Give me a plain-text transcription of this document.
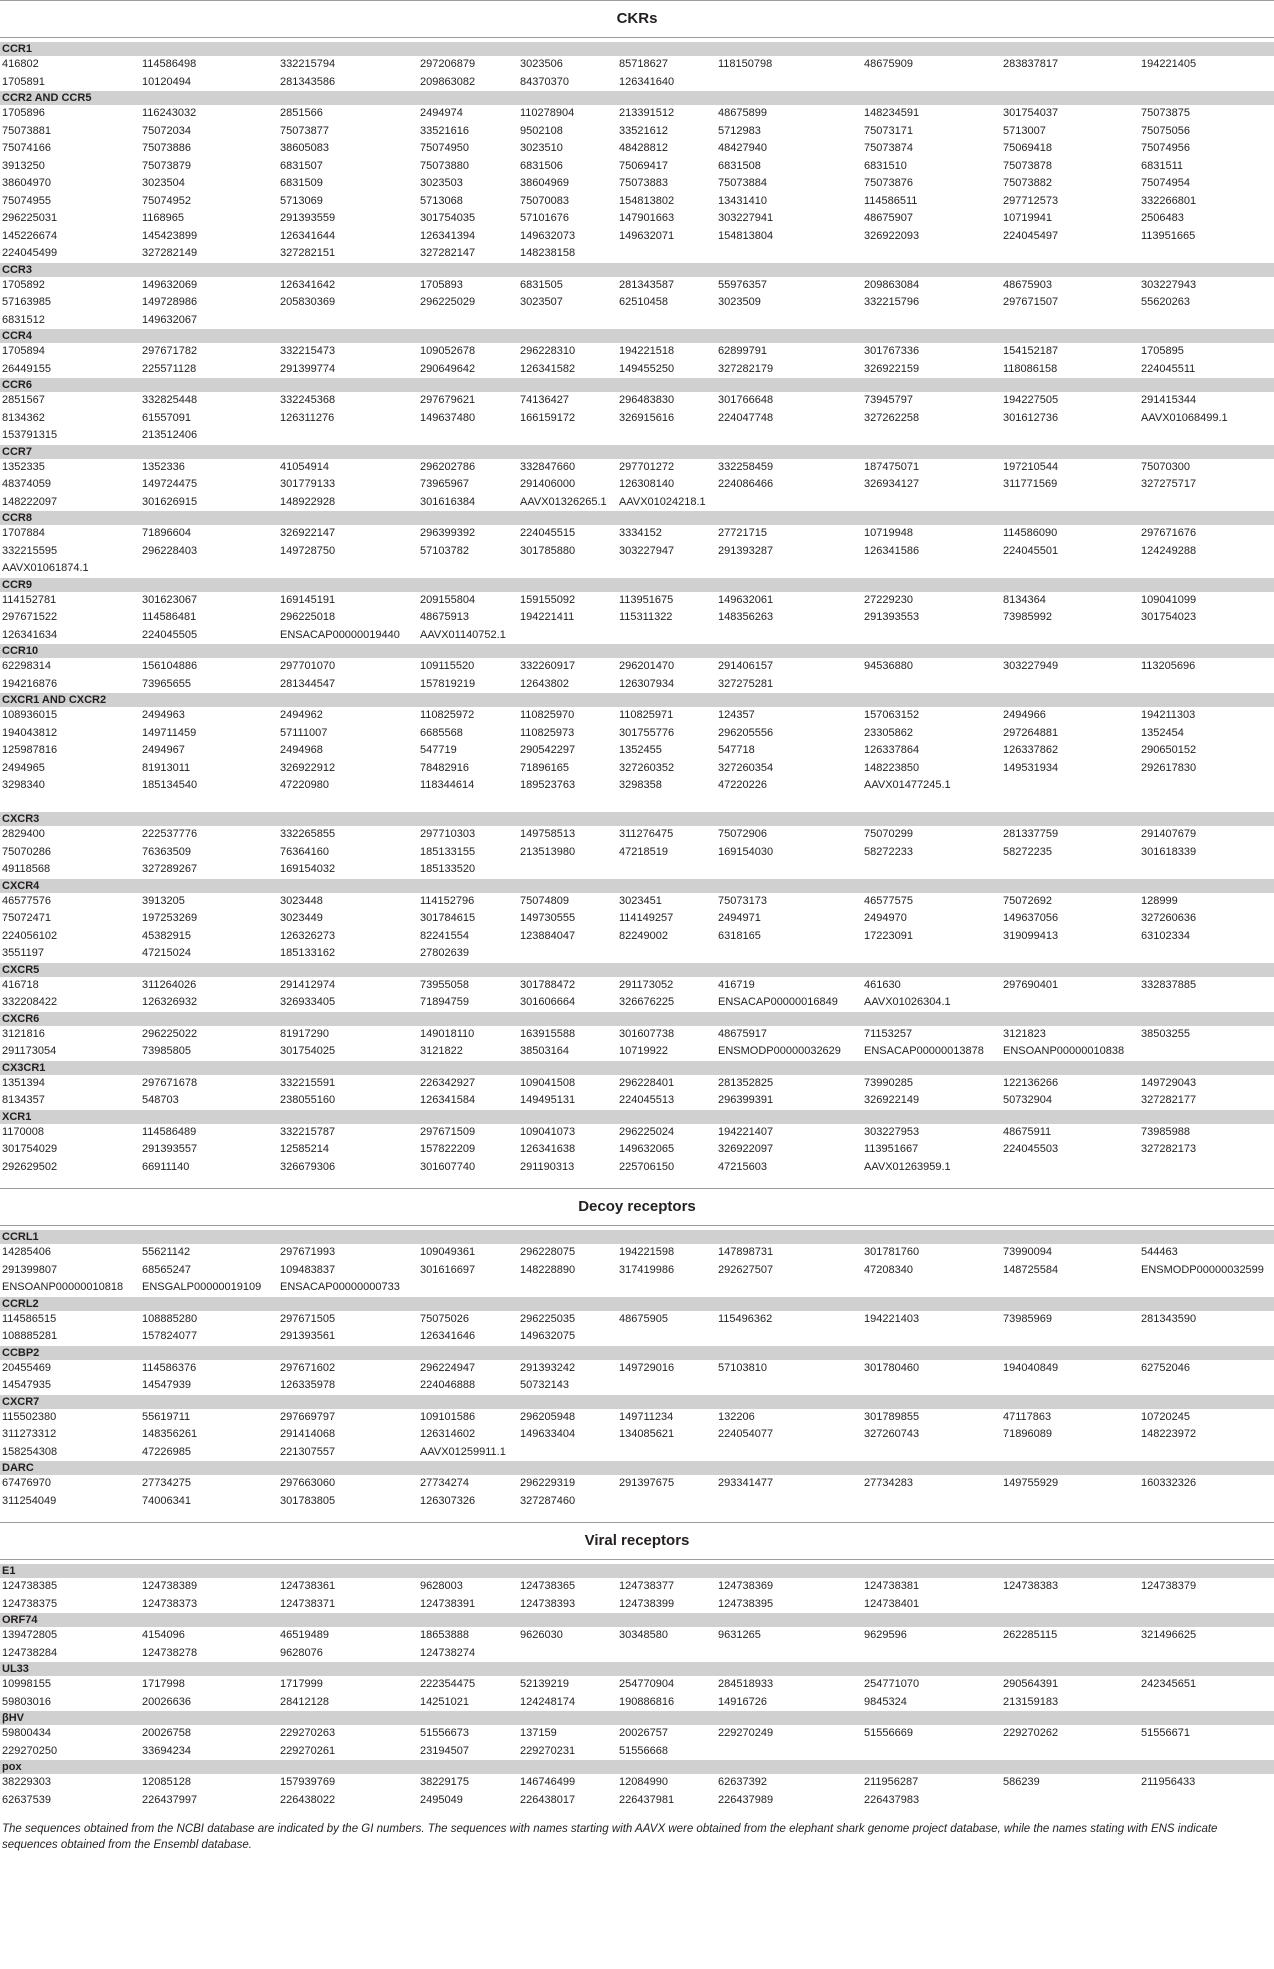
CKRs
CCR1
416802	114586498	332215794	297206879	3023506	85718627	118150798	48675909	283837817	194221405
1705891	10120494	281343586	209863082	84370370	126341640
CCR2 AND CCR5
1705896	116243032	2851566	2494974	110278904	213391512	48675899	148234591	301754037	75073875
75073881	75072034	75073877	33521616	9502108	33521612	5712983	75073171	5713007	75075056
75074166	75073886	38605083	75074950	3023510	48428812	48427940	75073874	75069418	75074956
3913250	75073879	6831507	75073880	6831506	75069417	6831508	6831510	75073878	6831511
38604970	3023504	6831509	3023503	38604969	75073883	75073884	75073876	75073882	75074954
75074955	75074952	5713069	5713068	75070083	154813802	13431410	114586511	297712573	332266801
296225031	1168965	291393559	301754035	57101676	147901663	303227941	48675907	10719941	2506483
145226674	145423899	126341644	126341394	149632073	149632071	154813804	326922093	224045497	113951665
224045499	327282149	327282151	327282147	148238158
CCR3
1705892	149632069	126341642	1705893	6831505	281343587	55976357	209863084	48675903	303227943
57163985	149728986	205830369	296225029	3023507	62510458	3023509	332215796	297671507	55620263
6831512	149632067
CCR4
1705894	297671782	332215473	109052678	296228310	194221518	62899791	301767336	154152187	1705895
26449155	225571128	291399774	290649642	126341582	149455250	327282179	326922159	118086158	224045511
CCR6
2851567	332825448	332245368	297679621	74136427	296483830	301766648	73945797	194227505	291415344
8134362	61557091	126311276	149637480	166159172	326915616	224047748	327262258	301612736	AAVX01068499.1
153791315	213512406
CCR7
1352335	1352336	41054914	296202786	332847660	297701272	332258459	187475071	197210544	75070300
48374059	149724475	301779133	73965967	291406000	126308140	224086466	326934127	311771569	327275717
148222097	301626915	148922928	301616384	AAVX01326265.1 AAVX01024218.1
CCR8
1707884	71896604	326922147	296399392	224045515	3334152	27721715	10719948	114586090	297671676
332215595	296228403	149728750	57103782	301785880	303227947	291393287	126341586	224045501	124249288
AAVX01061874.1
CCR9
114152781	301623067	169145191	209155804	159155092	113951675	149632061	27229230	8134364	109041099
297671522	114586481	296225018	48675913	194221411	115311322	148356263	291393553	73985992	301754023
126341634	224045505	ENSACAP00000019440 AAVX01140752.1
CCR10
62298314	156104886	297701070	109115520	332260917	296201470	291406157	94536880	303227949	113205696
194216876	73965655	281344547	157819219	12643802	126307934	327275281
CXCR1 AND CXCR2
108936015	2494963	2494962	110825972	110825970	110825971	124357	157063152	2494966	194211303
194043812	149711459	57111007	6685568	110825973	301755776	296205556	23305862	297264881	1352454
125987816	2494967	2494968	547719	290542297	1352455	547718	126337864	126337862	290650152
2494965	81913011	326922912	78482916	71896165	327260352	327260354	148223850	149531934	292617830
3298340	185134540	47220980	118344614	189523763	3298358	47220226	AAVX01477245.1
CXCR3
2829400	222537776	332265855	297710303	149758513	311276475	75072906	75070299	281337759	291407679
75070286	76363509	76364160	185133155	213513980	47218519	169154030	58272233	58272235	301618339
49118568	327289267	169154032	185133520
CXCR4
46577576	3913205	3023448	114152796	75074809	3023451	75073173	46577575	75072692	128999
75072471	197253269	3023449	301784615	149730555	114149257	2494971	2494970	149637056	327260636
224056102	45382915	126326273	82241554	123884047	82249002	6318165	17223091	319099413	63102334
3551197	47215024	185133162	27802639
CXCR5
416718	311264026	291412974	73955058	301788472	291173052	416719	461630	297690401	332837885
332208422	126326932	326933405	71894759	301606664	326676225	ENSACAP00000016849 AAVX01026304.1
CXCR6
3121816	296225022	81917290	149018110	163915588	301607738	48675917	71153257	3121823	38503255
291173054	73985805	301754025	3121822	38503164	10719922	ENSMODP00000032629 ENSACAP00000013878 ENSOANP00000010838
CX3CR1
1351394	297671678	332215591	226342927	109041508	296228401	281352825	73990285	122136266	149729043
8134357	548703	238055160	126341584	149495131	224045513	296399391	326922149	50732904	327282177
XCR1
1170008	114586489	332215787	297671509	109041073	296225024	194221407	303227953	48675911	73985988
301754029	291393557	12585214	157822209	126341638	149632065	326922097	113951667	224045503	327282173
292629502	66911140	326679306	301607740	291190313	225706150	47215603	AAVX01263959.1
Decoy receptors
CCRL1
14285406	55621142	297671993	109049361	296228075	194221598	147898731	301781760	73990094	544463
291399807	68565247	109483837	301616697	148228890	317419986	292627507	47208340	148725584	ENSMODP00000032599
ENSOANP00000010818 ENSGALP00000019109 ENSACAP00000000733
CCRL2
114586515	108885280	297671505	75075026	296225035	48675905	115496362	194221403	73985969	281343590
108885281	157824077	291393561	126341646	149632075
CCBP2
20455469	114586376	297671602	296224947	291393242	149729016	57103810	301780460	194040849	62752046
14547935	14547939	126335978	224046888	50732143
CXCR7
115502380	55619711	297669797	109101586	296205948	149711234	132206	301789855	47117863	10720245
311273312	148356261	291414068	126314602	149633404	134085621	224054077	327260743	71896089	148223972
158254308	47226985	221307557	AAVX01259911.1
DARC
67476970	27734275	297663060	27734274	296229319	291397675	293341477	27734283	149755929	160332326
311254049	74006341	301783805	126307326	327287460
Viral receptors
E1
124738385	124738389	124738361	9628003	124738365	124738377	124738369	124738381	124738383	124738379
124738375	124738373	124738371	124738391	124738393	124738399	124738395	124738401
ORF74
139472805	4154096	46519489	18653888	9626030	30348580	9631265	9629596	262285115	321496625
124738284	124738278	9628076	124738274
UL33
10998155	1717998	1717999	222354475	52139219	254770904	284518933	254771070	290564391	242345651
59803016	20026636	28412128	14251021	124248174	190886816	14916726	9845324	213159183
βHV
59800434	20026758	229270263	51556673	137159	20026757	229270249	51556669	229270262	51556671
229270250	33694234	229270261	23194507	229270231	51556668
pox
38229303	12085128	157939769	38229175	146746499	12084990	62637392	211956287	586239	211956433
62637539	226437997	226438022	2495049	226438017	226437981	226437989	226437983
The sequences obtained from the NCBI database are indicated by the GI numbers. The sequences with names starting with AAVX were obtained from the elephant shark genome project database, while the names stating with ENS indicate sequences obtained from the Ensembl database.
